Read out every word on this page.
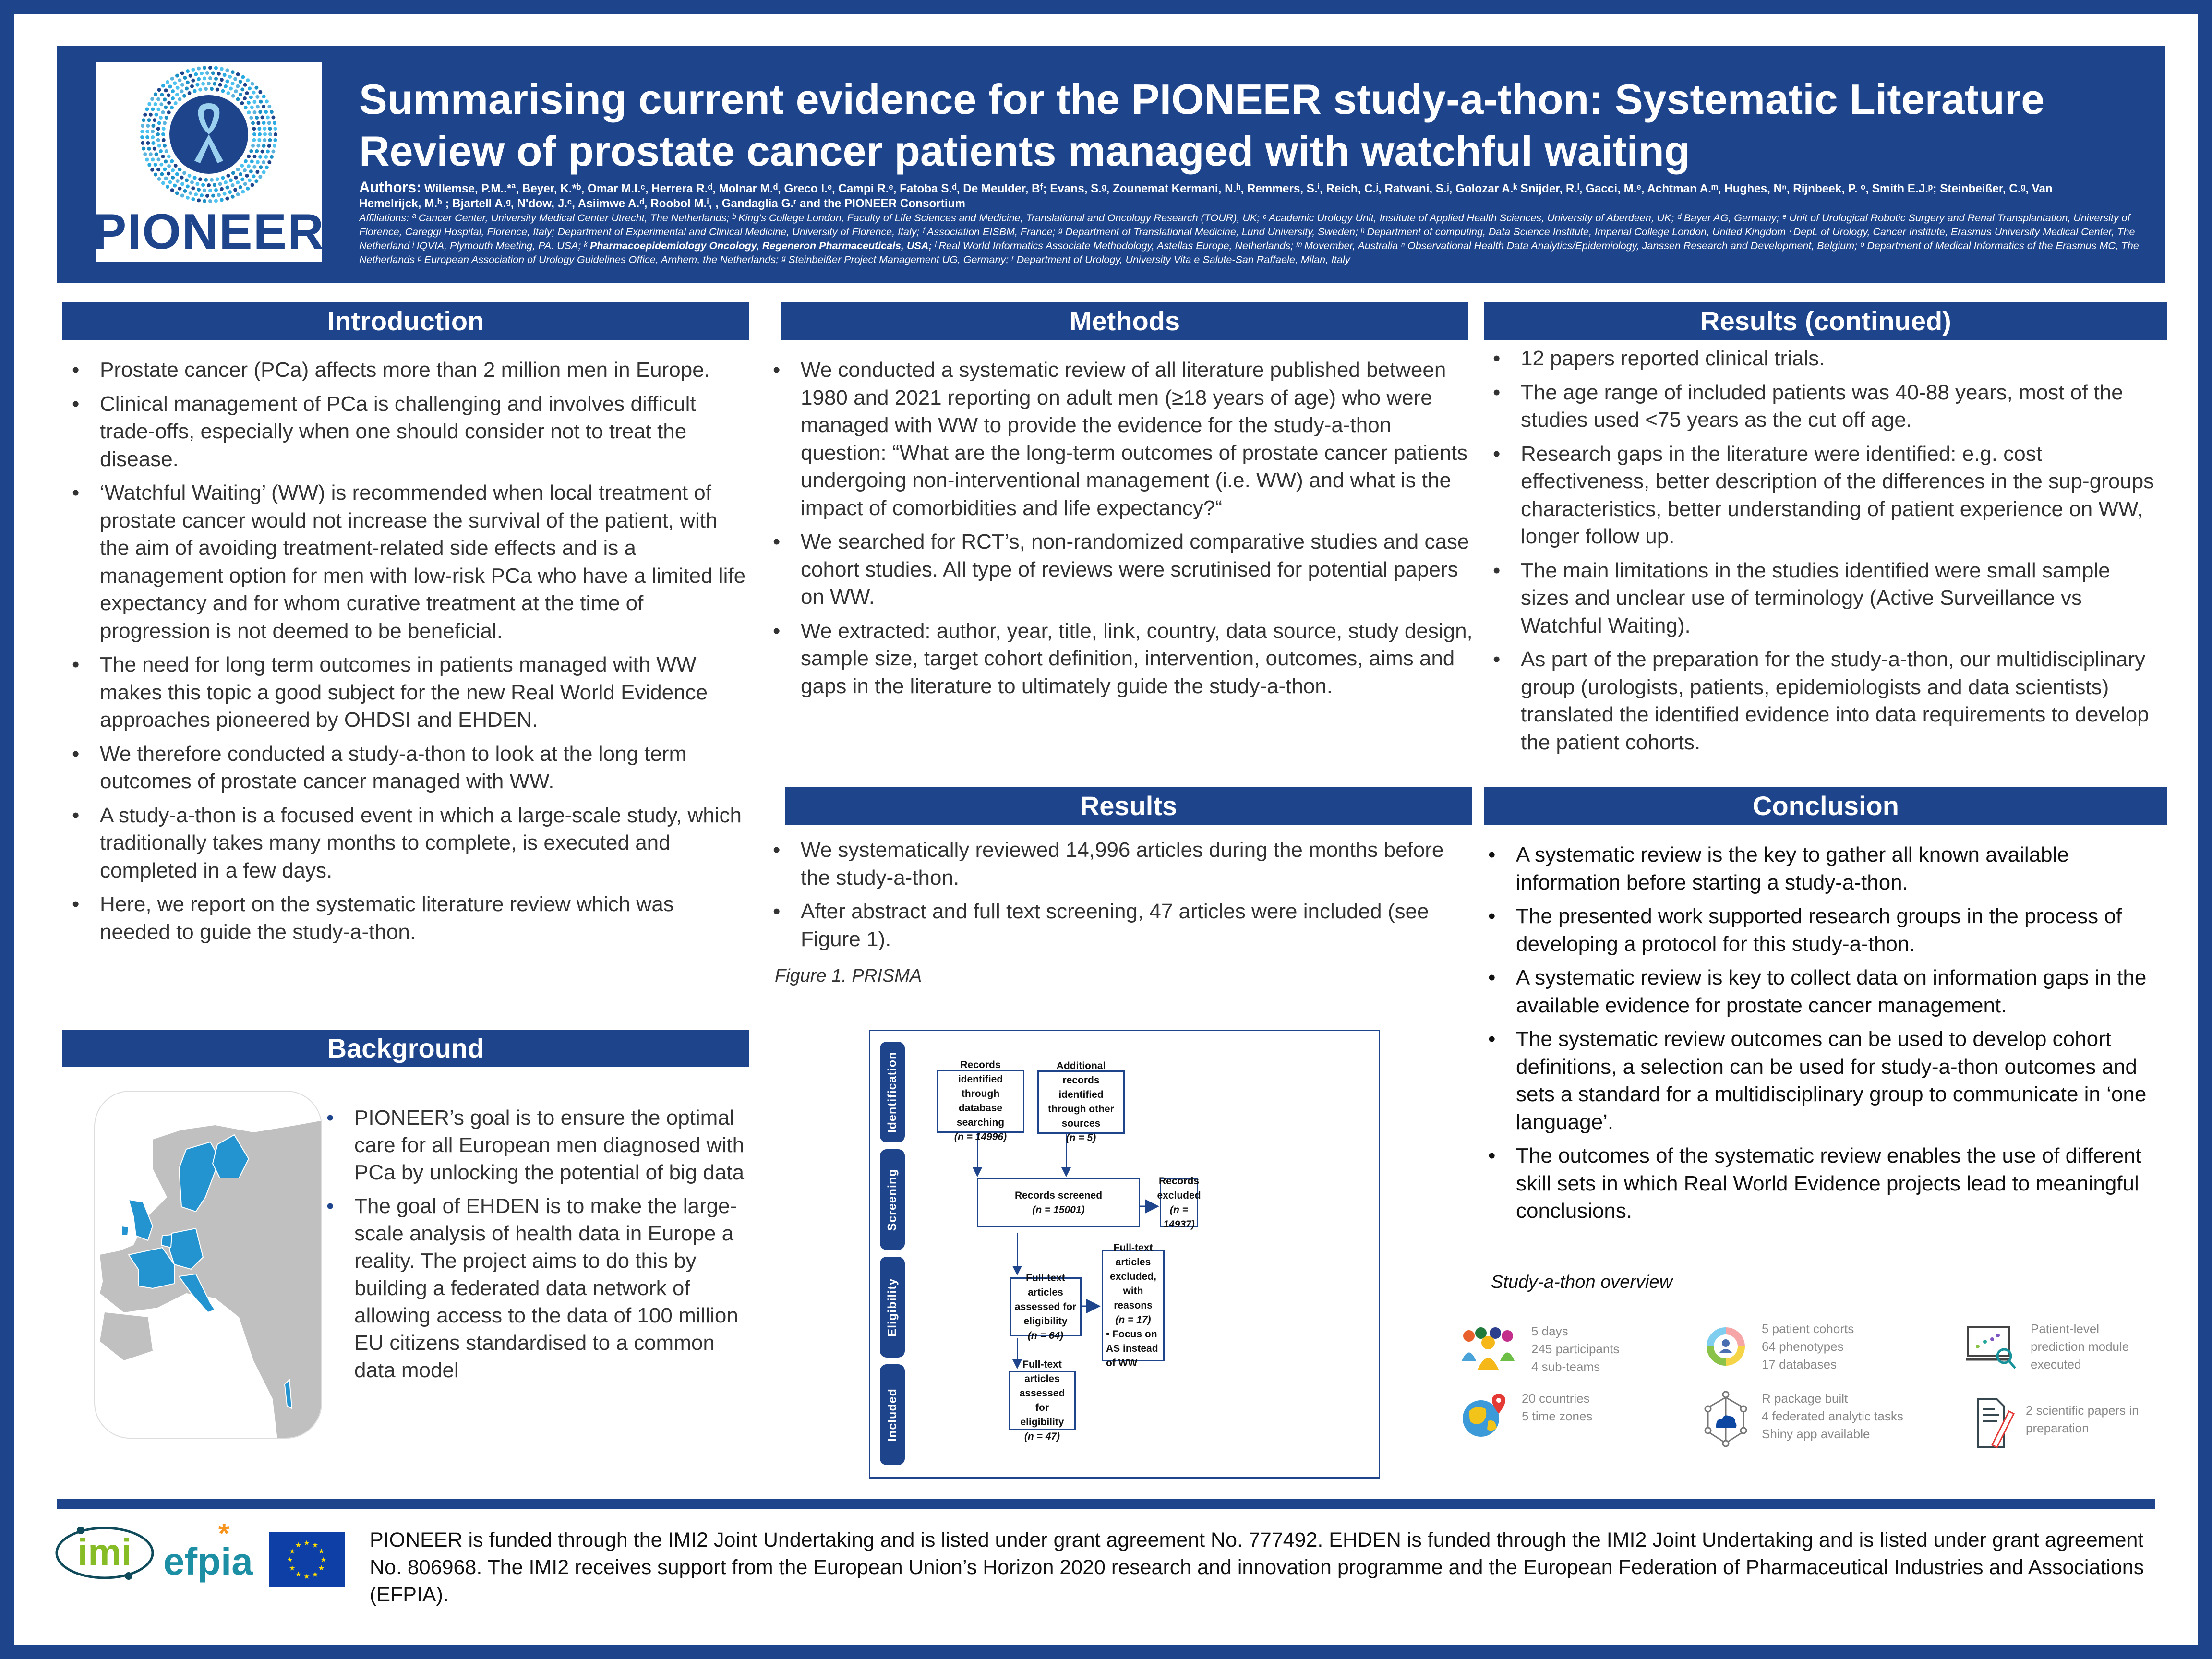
PIONEER
Summarising current evidence for the PIONEER study-a-thon: Systematic Literature Review of prostate cancer patients managed with watchful waiting
Authors: Willemse, P.M..*ª, Beyer, K.*ᵇ, Omar M.I.ᶜ, Herrera R.ᵈ, Molnar M.ᵈ, Greco I.ᵉ, Campi R.ᵉ, Fatoba S.ᵈ, De Meulder, Bᶠ; Evans, S.ᵍ, Zounemat Kermani, N.ʰ, Remmers, S.ⁱ, Reich, C.ʲ, Ratwani, S.ʲ, Golozar A.ᵏ Snijder, R.ˡ, Gacci, M.ᵉ, Achtman A.ᵐ, Hughes, Nⁿ, Rijnbeek, P. ᵒ, Smith E.J.ᵖ; Steinbeißer, C.ᵍ, Van Hemelrijck, M.ᵇ ; Bjartell A.ᵍ, N'dow, J.ᶜ, Asiimwe A.ᵈ, Roobol M.ⁱ, , Gandaglia G.ʳ and the PIONEER Consortium
Affiliations: ª Cancer Center, University Medical Center Utrecht, The Netherlands; ᵇ King's College London, Faculty of Life Sciences and Medicine, Translational and Oncology Research (TOUR), UK; ᶜ Academic Urology Unit, Institute of Applied Health Sciences, University of Aberdeen, UK; ᵈ Bayer AG, Germany; ᵉ Unit of Urological Robotic Surgery and Renal Transplantation, University of Florence, Careggi Hospital, Florence, Italy; Department of Experimental and Clinical Medicine, University of Florence, Italy; ᶠ Association EISBM, France; ᵍ Department of Translational Medicine, Lund University, Sweden; ʰ Department of computing, Data Science Institute, Imperial College London, United Kingdom ⁱ Dept. of Urology, Cancer Institute, Erasmus University Medical Center, The Netherland ʲ IQVIA, Plymouth Meeting, PA. USA; ᵏ Pharmacoepidemiology Oncology, Regeneron Pharmaceuticals, USA; ˡ Real World Informatics Associate Methodology, Astellas Europe, Netherlands; ᵐ Movember, Australia ⁿ Observational Health Data Analytics/Epidemiology, Janssen Research and Development, Belgium; ᵒ Department of Medical Informatics of the Erasmus MC, The Netherlands ᵖ European Association of Urology Guidelines Office, Arnhem, the Netherlands; ᵍ Steinbeißer Project Management UG, Germany; ʳ Department of Urology, University Vita e Salute-San Raffaele, Milan, Italy
Introduction
• Prostate cancer (PCa) affects more than 2 million men in Europe.
• Clinical management of PCa is challenging and involves difficult trade-offs, especially when one should consider not to treat the disease.
• ‘Watchful Waiting’ (WW) is recommended when local treatment of prostate cancer would not increase the survival of the patient, with the aim of avoiding treatment-related side effects and is a management option for men with low-risk PCa who have a limited life expectancy and for whom curative treatment at the time of progression is not deemed to be beneficial.
• The need for long term outcomes in patients managed with WW makes this topic a good subject for the new Real World Evidence approaches pioneered by OHDSI and EHDEN.
• We therefore conducted a study-a-thon to look at the long term outcomes of prostate cancer managed with WW.
• A study-a-thon is a focused event in which a large-scale study, which traditionally takes many months to complete, is executed and completed in a few days.
• Here, we report on the systematic literature review which was needed to guide the study-a-thon.
Background
• PIONEER’s goal is to ensure the optimal care for all European men diagnosed with PCa by unlocking the potential of big data
• The goal of EHDEN is to make the large-scale analysis of health data in Europe a reality. The project aims to do this by building a federated data network of allowing access to the data of 100 million EU citizens standardised to a common data model
Methods
• We conducted a systematic review of all literature published between 1980 and 2021 reporting on adult men (≥18 years of age) who were managed with WW to provide the evidence for the study-a-thon question: “What are the long-term outcomes of prostate cancer patients undergoing non-interventional management (i.e. WW) and what is the impact of comorbidities and life expectancy?“
• We searched for RCT’s, non-randomized comparative studies and case cohort studies. All type of reviews were scrutinised for potential papers on WW.
• We extracted: author, year, title, link, country, data source, study design, sample size, target cohort definition, intervention, outcomes, aims and gaps in the literature to ultimately guide the study-a-thon.
Results
• We systematically reviewed 14,996 articles during the months before the study-a-thon.
• After abstract and full text screening, 47 articles were included (see Figure 1).
Figure 1. PRISMA
Identification
Screening
Eligibility
Included
Records identified through database searching
(n = 14996)
Additional records identified through other sources
(n = 5)
Records screened
(n = 15001)
Records excluded
(n = 14937)
Full-text articles assessed for eligibility
(n = 64)
Full-text articles excluded, with reasons
(n = 17)
• Focus on AS instead of WW
Full-text articles assessed for eligibility
(n = 47)
Results (continued)
• 12 papers reported clinical trials.
• The age range of included patients was 40-88 years, most of the studies used <75 years as the cut off age.
• Research gaps in the literature were identified: e.g. cost effectiveness, better description of the differences in the sup-groups characteristics, better understanding of patient experience on WW, longer follow up.
• The main limitations in the studies identified were small sample sizes and unclear use of terminology (Active Surveillance vs Watchful Waiting).
• As part of the preparation for the study-a-thon, our multidisciplinary group (urologists, patients, epidemiologists and data scientists) translated the identified evidence into data requirements to develop the patient cohorts.
Conclusion
• A systematic review is the key to gather all known available information before starting a study-a-thon.
• The presented work supported research groups in the process of developing a protocol for this study-a-thon.
• A systematic review is key to collect data on information gaps in the available evidence for prostate cancer management.
• The systematic review outcomes can be used to develop cohort definitions, a selection can be used for study-a-thon outcomes and sets a standard for a multidisciplinary group to communicate in ‘one language’.
• The outcomes of the systematic review enables the use of different skill sets in which Real World Evidence projects lead to meaningful conclusions.
Study-a-thon overview
5 days
245 participants
4 sub-teams
5 patient cohorts
64 phenotypes
17 databases
Patient-level
prediction module
executed
20 countries
5 time zones
R package built
4 federated analytic tasks
Shiny app available
2 scientific papers in
preparation
imi efpia
*
★
★
★
★
★
★
★
★
★ ★ ★
★ PIONEER is funded through the IMI2 Joint Undertaking and is listed under grant agreement No. 777492. EHDEN is funded through the IMI2 Joint Undertaking and is listed under grant agreement No. 806968. The IMI2 receives support from the European Union’s Horizon 2020 research and innovation programme and the European Federation of Pharmaceutical Industries and Associations (EFPIA).
